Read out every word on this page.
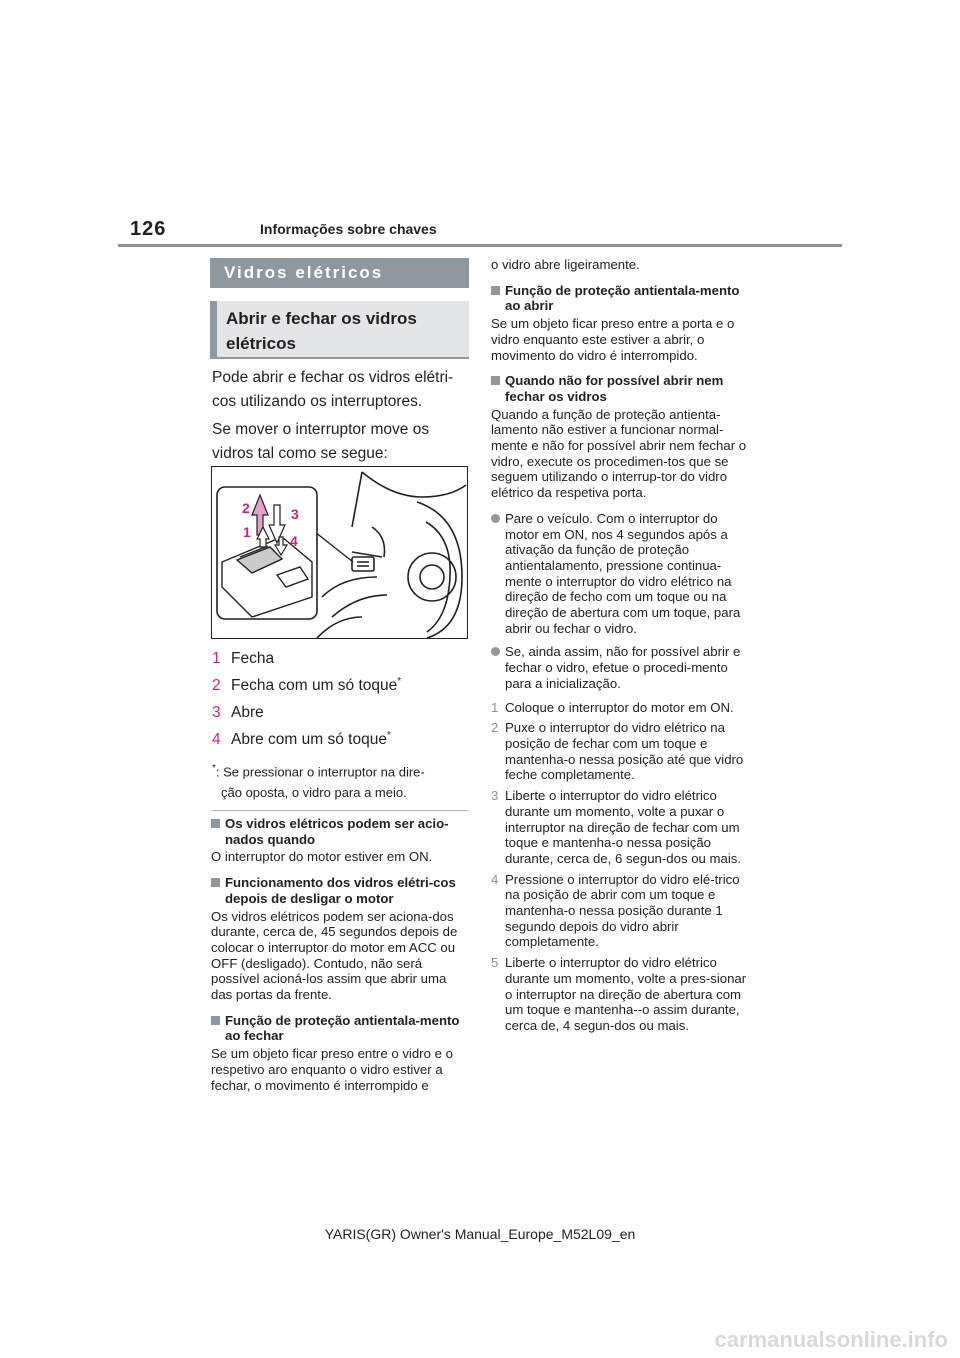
126	Informações sobre chaves
Vidros elétricos
Abrir e fechar os vidros elétricos

Pode abrir e fechar os vidros elétri-cos utilizando os interruptores.

Se mover o interruptor move os vidros tal como se segue:

2	3
1
4
1 Fecha
2 Fecha com um só toque*
3 Abre
4 Abre com um só toque*
*: Se pressionar o interruptor na dire-
ção oposta, o vidro para a meio.

Os vidros elétricos podem ser acio-nados quando

O interruptor do motor estiver em ON.

Funcionamento dos vidros elétri-cos depois de desligar o motor

Os vidros elétricos podem ser aciona-dos durante, cerca de, 45 segundos depois de colocar o interruptor do motor em ACC ou OFF (desligado). Contudo, não será possível acioná-los assim que abrir uma das portas da frente.

Função de proteção antientala-mento ao fechar

Se um objeto ficar preso entre o vidro e o respetivo aro enquanto o vidro estiver a fechar, o movimento é interrompido e

o vidro abre ligeiramente.

Função de proteção antientala-mento ao abrir

Se um objeto ficar preso entre a porta e o vidro enquanto este estiver a abrir, o movimento do vidro é interrompido.

Quando não for possível abrir nem fechar os vidros

Quando a função de proteção antienta-lamento não estiver a funcionar normal-mente e não for possível abrir nem fechar o vidro, execute os procedimen-tos que se seguem utilizando o interrup-tor do vidro elétrico da respetiva porta.

Pare o veículo. Com o interruptor do motor em ON, nos 4 segundos após a ativação da função de proteção antientalamento, pressione continua-mente o interruptor do vidro elétrico na direção de fecho com um toque ou na direção de abertura com um toque, para abrir ou fechar o vidro.

Se, ainda assim, não for possível abrir e fechar o vidro, efetue o procedi-mento para a inicialização.

1 Coloque o interruptor do motor em ON.
2 Puxe o interruptor do vidro elétrico na posição de fechar com um toque e mantenha-o nessa posição até que vidro feche completamente.
3 Liberte o interruptor do vidro elétrico durante um momento, volte a puxar o interruptor na direção de fechar com um toque e mantenha-o nessa posição durante, cerca de, 6 segun-dos ou mais.
4 Pressione o interruptor do vidro elé-trico na posição de abrir com um toque e mantenha-o nessa posição durante 1 segundo depois do vidro abrir completamente.
5 Liberte o interruptor do vidro elétrico durante um momento, volte a pres-sionar o interruptor na direção de abertura com um toque e mantenha--o assim durante, cerca de, 4 segun-dos ou mais.
YARIS(GR) Owner's Manual_Europe_M52L09_en
carmanualsonline.info
